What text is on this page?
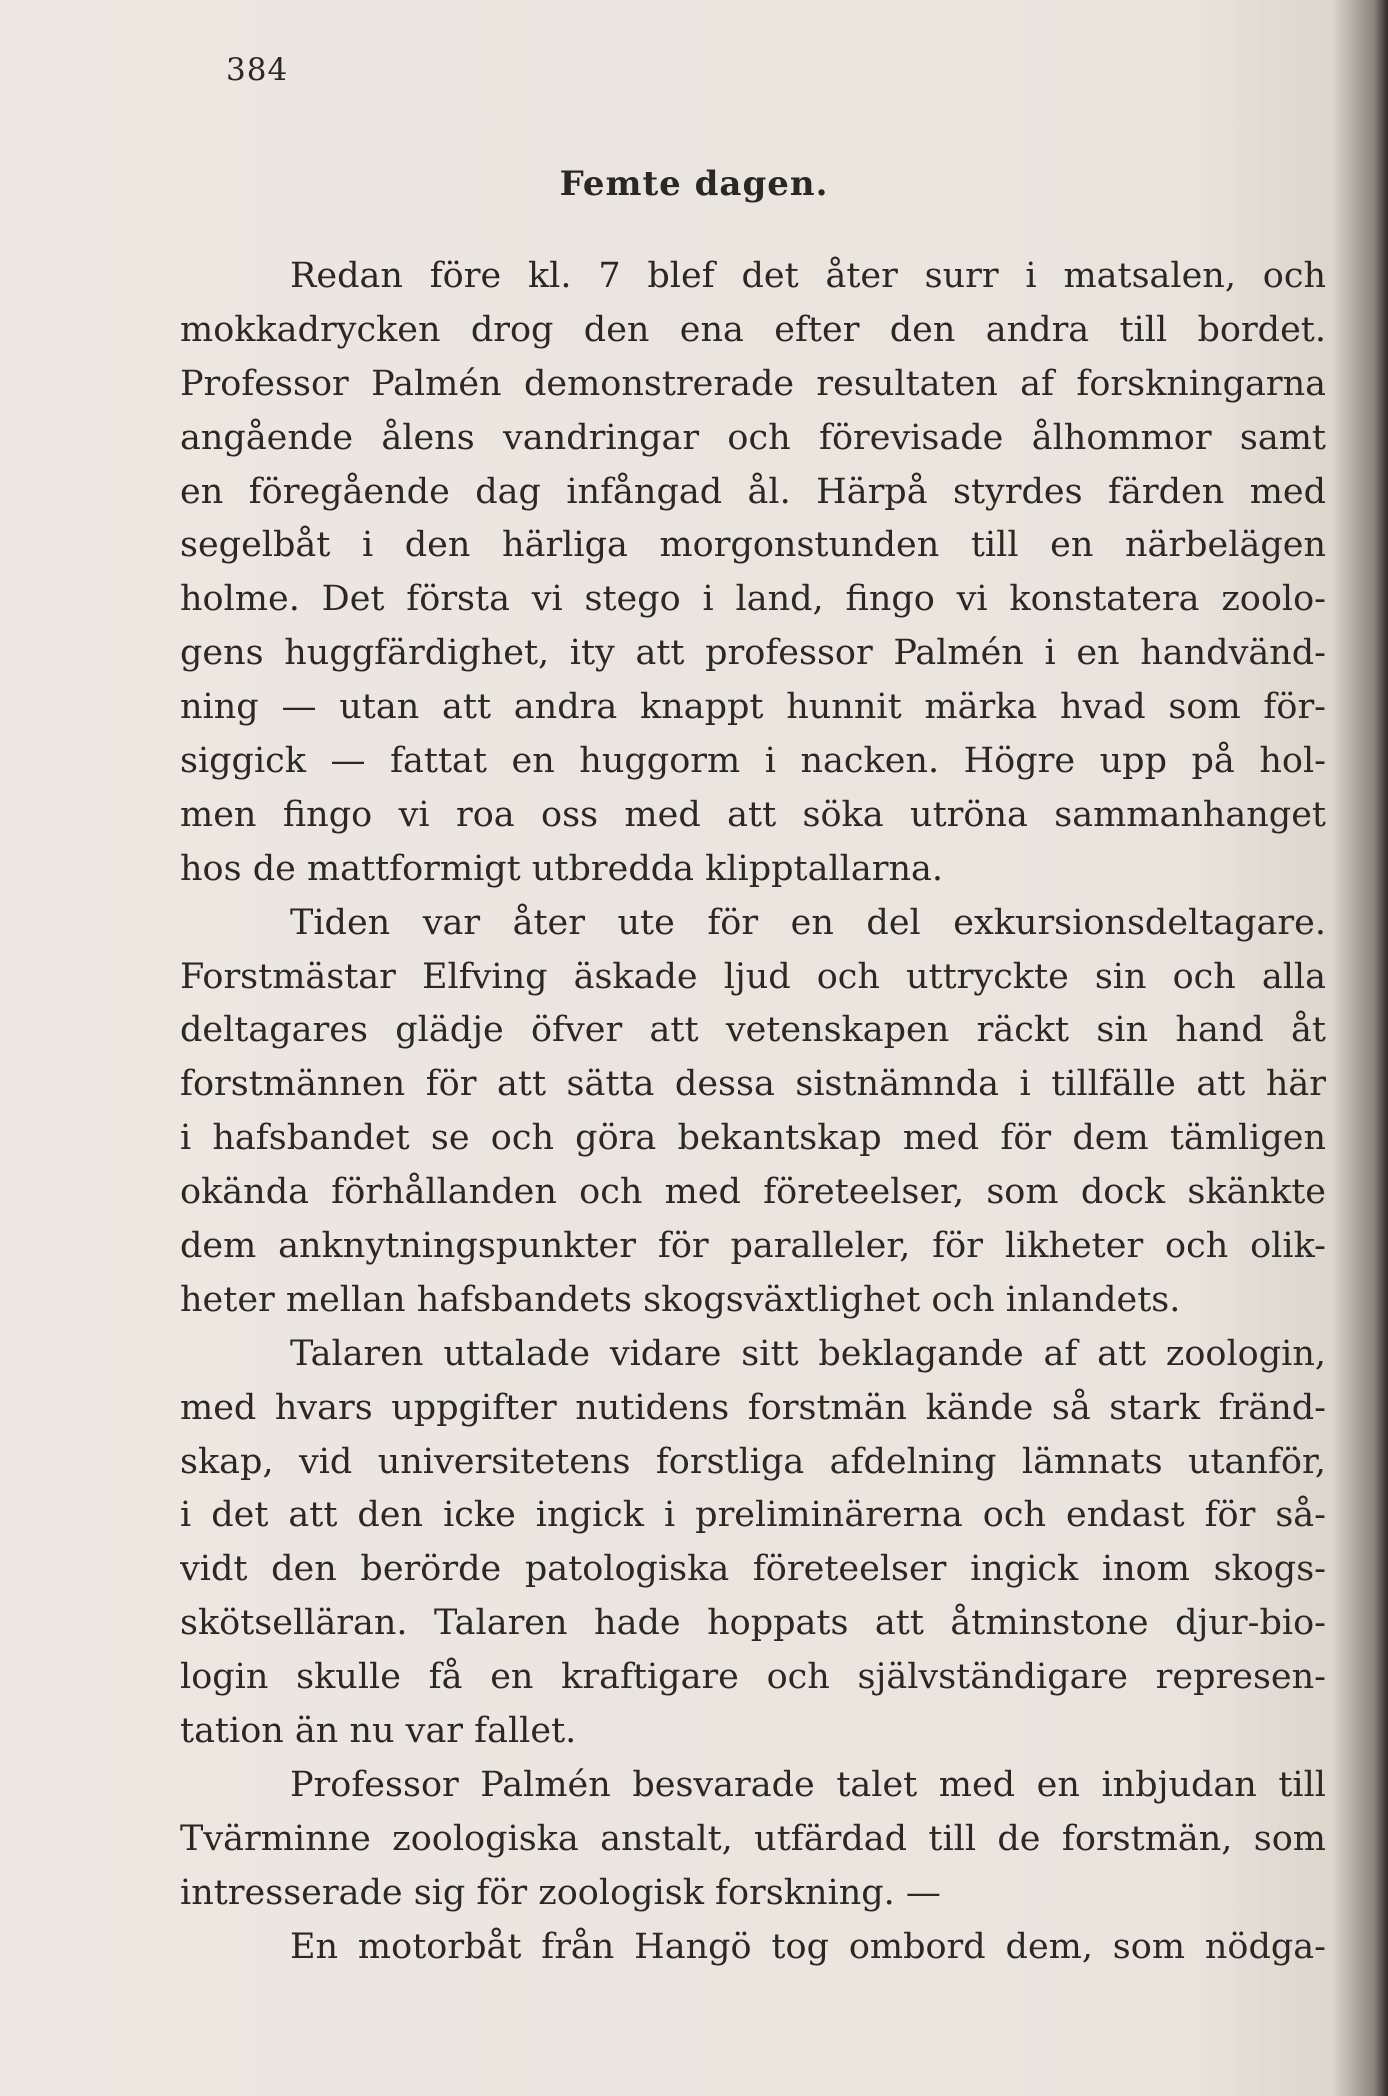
384
Femte dagen.
Redan före kl. 7 blef det åter surr i matsalen, och
mokkadrycken drog den ena efter den andra till bordet.
Professor Palmén demonstrerade resultaten af forskningarna
angående ålens vandringar och förevisade ålhommor samt
en föregående dag infångad ål. Härpå styrdes färden med
segelbåt i den härliga morgonstunden till en närbelägen
holme. Det första vi stego i land, fingo vi konstatera zoolo-
gens huggfärdighet, ity att professor Palmén i en handvänd-
ning — utan att andra knappt hunnit märka hvad som för-
siggick — fattat en huggorm i nacken. Högre upp på hol-
men fingo vi roa oss med att söka utröna sammanhanget
hos de mattformigt utbredda klipptallarna.
Tiden var åter ute för en del exkursionsdeltagare.
Forstmästar Elfving äskade ljud och uttryckte sin och alla
deltagares glädje öfver att vetenskapen räckt sin hand åt
forstmännen för att sätta dessa sistnämnda i tillfälle att här
i hafsbandet se och göra bekantskap med för dem tämligen
okända förhållanden och med företeelser, som dock skänkte
dem anknytningspunkter för paralleler, för likheter och olik-
heter mellan hafsbandets skogsväxtlighet och inlandets.
Talaren uttalade vidare sitt beklagande af att zoologin,
med hvars uppgifter nutidens forstmän kände så stark fränd-
skap, vid universitetens forstliga afdelning lämnats utanför,
i det att den icke ingick i preliminärerna och endast för så-
vidt den berörde patologiska företeelser ingick inom skogs-
skötselläran. Talaren hade hoppats att åtminstone djur-bio-
login skulle få en kraftigare och självständigare represen-
tation än nu var fallet.
Professor Palmén besvarade talet med en inbjudan till
Tvärminne zoologiska anstalt, utfärdad till de forstmän, som
intresserade sig för zoologisk forskning. —
En motorbåt från Hangö tog ombord dem, som nödga-
